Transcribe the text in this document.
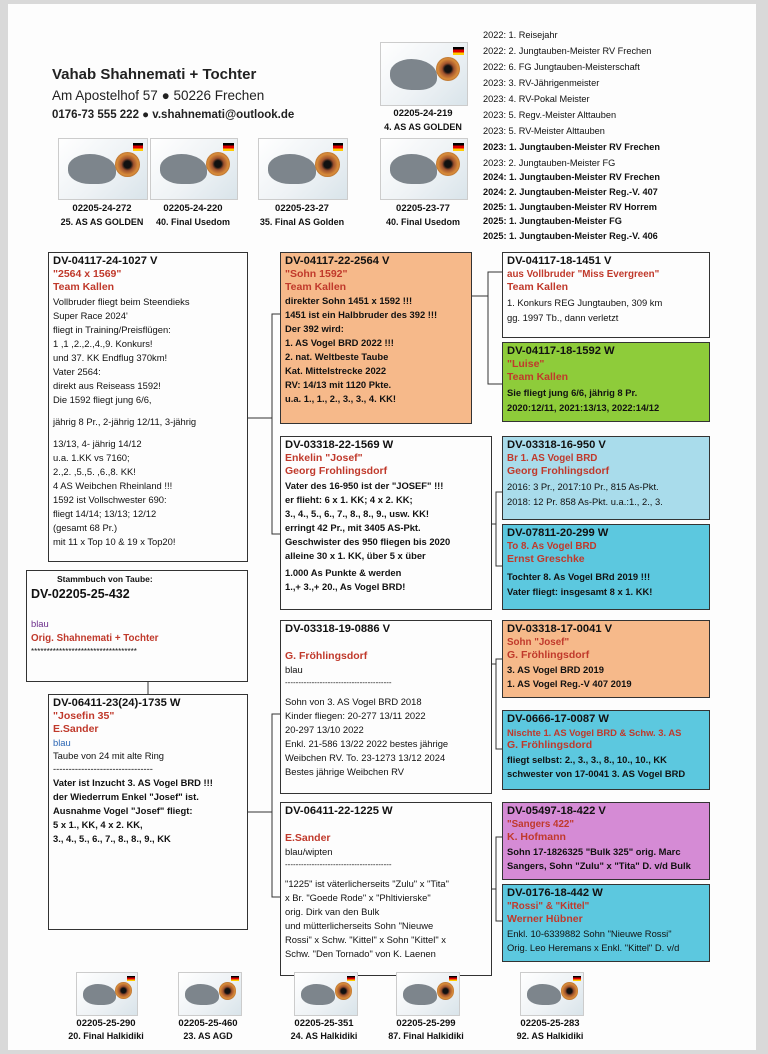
Vahab Shahnemati + Tochter
Am Apostelhof 57 ● 50226 Frechen
0176-73 555 222 ● v.shahnemati@outlook.de	02205-24-219
4. AS AS GOLDEN
02205-24-272
25. AS AS GOLDEN
02205-24-220
40. Final Usedom
02205-23-27
35. Final AS Golden
02205-23-77
40. Final Usedom
2022: 1. Reisejahr
2022: 2. Jungtauben-Meister RV Frechen
2022: 6. FG Jungtauben-Meisterschaft
2023: 3. RV-Jährigenmeister
2023: 4. RV-Pokal Meister
2023: 5. Regv.-Meister Alttauben
2023: 5. RV-Meister Alttauben
2023: 1. Jungtauben-Meister RV Frechen
2023: 2. Jungtauben-Meister FG
2024: 1. Jungtauben-Meister RV Frechen
2024: 2. Jungtauben-Meister Reg.-V. 407
2025: 1. Jungtauben-Meister RV Horrem
2025: 1. Jungtauben-Meister FG
2025: 1. Jungtauben-Meister Reg.-V. 406
DV-04117-24-1027 V
"2564 x 1569"
Team Kallen
Vollbruder fliegt beim Steendieks
Super Race 2024'
fliegt in Training/Preisflügen:
1 ,1 ,2.,2.,4.,9. Konkurs!
und 37. KK Endflug 370km!
Vater 2564:
direkt aus Reiseass 1592!
Die 1592 fliegt jung 6/6,
jährig 8 Pr., 2-jährig 12/11, 3-jährig
13/13, 4- jährig 14/12
u.a. 1.KK vs 7160;
2.,2. ,5.,5. ,6.,8. KK!
4 AS Weibchen Rheinland !!!
1592 ist Vollschwester 690:
fliegt 14/14; 13/13; 12/12
(gesamt 68 Pr.)
mit 11 x Top 10 & 19 x Top20!
Stammbuch von Taube:
DV-02205-25-432
blau
Orig. Shahnemati + Tochter
**********************************
DV-06411-23(24)-1735 W
"Josefin 35"
E.Sander
blau
Taube von 24 mit alte Ring
--------------------------------
Vater ist Inzucht 3. AS Vogel BRD !!!
der Wiederrum Enkel "Josef" ist.
Ausnahme Vogel "Josef" fliegt:
5 x 1., KK, 4 x 2. KK,
3., 4., 5., 6., 7., 8., 8., 9., KK
DV-04117-22-2564 V
"Sohn 1592"
Team Kallen
direkter Sohn 1451 x 1592 !!!
1451 ist ein Halbbruder des 392 !!!
Der 392 wird:
1. AS Vogel BRD 2022 !!!
2. nat. Weltbeste Taube
Kat. Mittelstrecke 2022
RV: 14/13 mit 1120 Pkte.
u.a. 1., 1., 2., 3., 3., 4. KK!
DV-03318-22-1569 W
Enkelin "Josef"
Georg Frohlingsdorf
Vater des 16-950 ist der "JOSEF" !!!
er flieht: 6 x 1. KK; 4 x 2. KK;
3., 4., 5., 6., 7., 8., 8., 9., usw. KK!
erringt 42 Pr., mit 3405 AS-Pkt.
Geschwister des 950 fliegen bis 2020
alleine 30 x 1. KK, über 5 x über
1.000 As Punkte & werden
1.,+ 3.,+ 20., As Vogel BRD!
DV-03318-19-0886 V
G. Fröhlingsdorf
blau
----------------------------------------
Sohn von 3. AS Vogel BRD 2018
Kinder fliegen: 20-277 13/11 2022
20-297 13/10 2022
Enkl. 21-586 13/22 2022 bestes jährige
Weibchen RV. To. 23-1273 13/12 2024
Bestes jährige Weibchen RV
DV-06411-22-1225 W
E.Sander
blau/wipten
----------------------------------------
"1225" ist väterlicherseits "Zulu" x "Tita"
x Br. "Goede Rode" x "Phltivierske"
orig. Dirk van den Bulk
und mütterlicherseits Sohn "Nieuwe
Rossi" x Schw. "Kittel" x Sohn "Kittel" x
Schw. "Den Tornado" von K. Laenen
DV-04117-18-1451 V
aus Vollbruder "Miss Evergreen"
Team Kallen
1. Konkurs REG Jungtauben, 309 km
gg. 1997 Tb., dann verletzt
DV-04117-18-1592 W
"Luise"
Team Kallen
Sie fliegt jung 6/6, jährig 8 Pr.
2020:12/11, 2021:13/13, 2022:14/12
DV-03318-16-950 V
Br 1. AS Vogel BRD
Georg Frohlingsdorf
2016: 3 Pr., 2017:10 Pr., 815 As-Pkt.
2018: 12 Pr. 858 As-Pkt. u.a.:1., 2., 3.
DV-07811-20-299 W
To 8. As Vogel BRD
Ernst Greschke
Tochter 8. As Vogel BRd 2019 !!!
Vater fliegt: insgesamt 8 x 1. KK!
DV-03318-17-0041 V
Sohn "Josef"
G. Fröhlingsdorf
3. AS Vogel BRD 2019
1. AS Vogel Reg.-V 407 2019
DV-0666-17-0087 W
Nischte 1. AS Vogel BRD & Schw. 3. AS
G. Fröhlingsdord
fliegt selbst: 2., 3., 3., 8., 10., 10., KK
schwester von 17-0041 3. AS Vogel BRD
DV-05497-18-422 V
"Sangers 422"
K. Hofmann
Sohn 17-1826325 "Bulk 325" orig. Marc
Sangers, Sohn "Zulu" x "Tita" D. v/d Bulk
DV-0176-18-442 W
"Rossi" & "Kittel"
Werner Hübner
Enkl. 10-6339882 Sohn "Nieuwe Rossi"
Orig. Leo Heremans x Enkl. "Kittel" D. v/d
02205-25-290
20. Final Halkidiki
02205-25-460
23. AS AGD
02205-25-351
24. AS Halkidiki
02205-25-299
87. Final Halkidiki
02205-25-283
92. AS Halkidiki
